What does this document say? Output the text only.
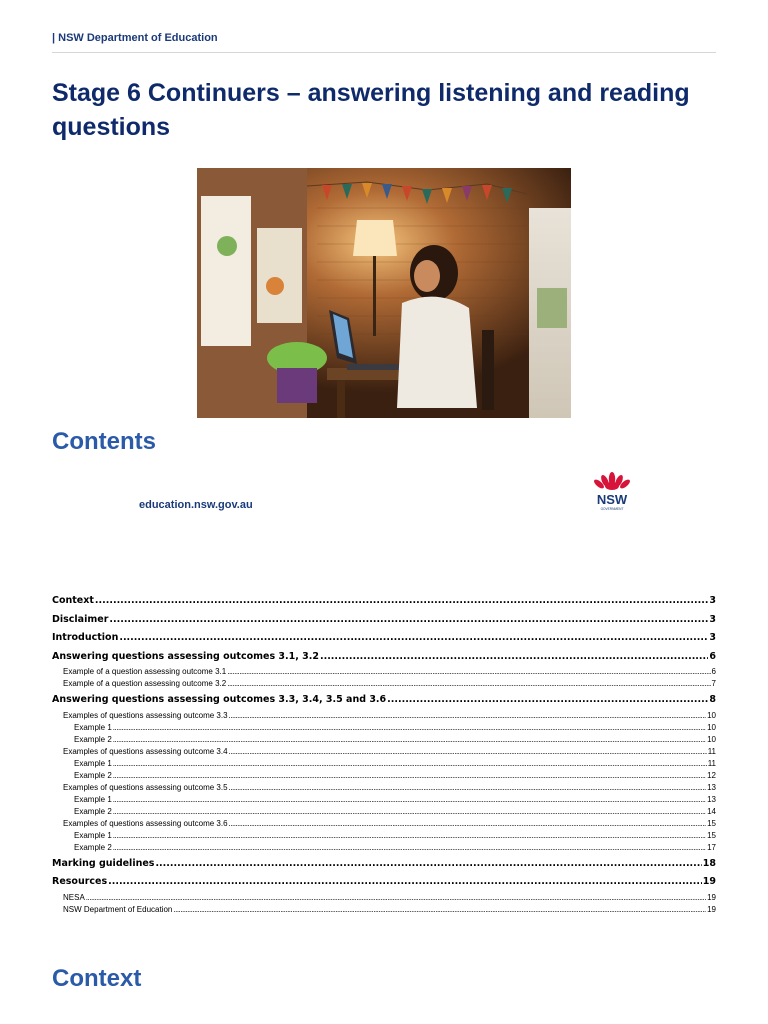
| NSW Department of Education
Stage 6 Continuers – answering listening and reading questions
Contents
education.nsw.gov.au	NSW
GOVERNMENT
Context .....	3
Disclaimer .....	3
Introduction .....	3
Answering questions assessing outcomes 3.1, 3.2 .....	6
Example of a question assessing outcome 3.1 .....	6
Example of a question assessing outcome 3.2 .....	7
Answering questions assessing outcomes 3.3, 3.4, 3.5 and 3.6 .....	8
Examples of questions assessing outcome 3.3 .....	10
Example 1 .....	10
Example 2 .....	10
Examples of questions assessing outcome 3.4 .....	11
Example 1 .....	11
Example 2 .....	12
Examples of questions assessing outcome 3.5 .....	13
Example 1 .....	13
Example 2 .....	14
Examples of questions assessing outcome 3.6 .....	15
Example 1 .....	15
Example 2 .....	17
Marking guidelines .....	18
Resources .....	19
NESA .....	19
NSW Department of Education .....	19
Context
